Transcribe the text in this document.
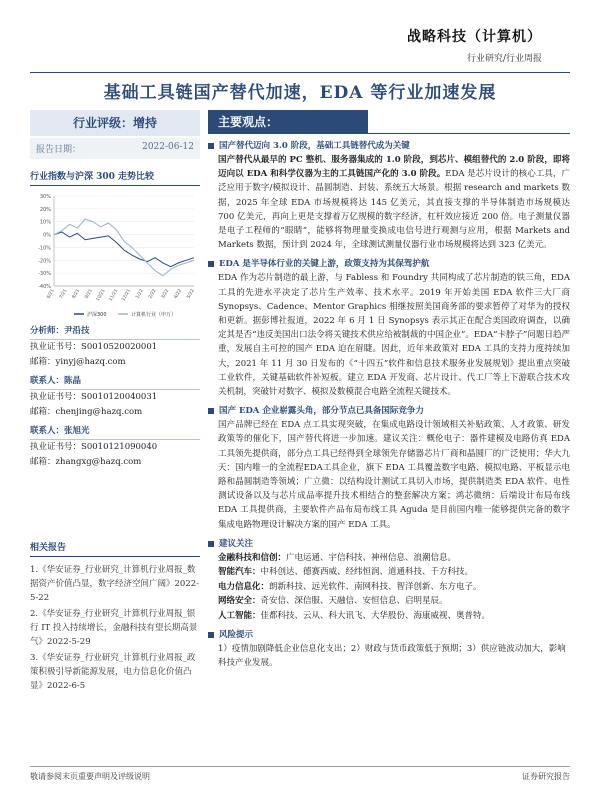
战略科技（计算机）
行业研究/行业周报
基础工具链国产替代加速，EDA 等行业加速发展
行业评级：增持
报告日期：	2022-06-12
行业指数与沪深 300 走势比较
30%
20%
10%
0%
-10%
-20%
-30%
-40%
6/21 7/21 8/21 9/21 10/21 11/21 12/21 1/22 2/22 3/22 4/22 5/22
沪深300	计算机行业（申万）
分析师：尹沿技
执业证书号：S0010520020001
邮箱：yinyj@hazq.com
联系人：陈晶
执业证书号：S0010120040031
邮箱：chenjing@hazq.com
联系人：张旭光
执业证书号：S0010121090040
邮箱：zhangxg@hazq.com
相关报告
1.《华安证券_行业研究_计算机行业周报_数据资产价值凸显，数字经济空间广阔》2022-5-22
2.《华安证券_行业研究_计算机行业周报_银行 IT 投入持续增长，金融科技有望长期高景气》2022-5-29
3.《华安证券_行业研究_计算机行业周报_政策积极引导新能源发展，电力信息化价值凸显》2022-6-5
主要观点：
国产替代迈向 3.0 阶段，基础工具链替代成为关键
国产替代从最早的 PC 整机、服务器集成的 1.0 阶段，到芯片、模组替代的 2.0 阶段，即将迈向以 EDA 和科学仪器为主的工具链国产化的 3.0 阶段。EDA 是芯片设计的核心工具，广泛应用于数字/模拟设计、晶圆制造、封装、系统五大场景。根据 research and markets 数据，2025 年全球 EDA 市场规模将达 145 亿美元，其直接支撑的半导体制造市场规模达 700 亿美元，再向上更是支撑着万亿规模的数字经济，杠杆效应接近 200 倍。电子测量仪器是电子工程师的“眼睛”，能够将物理量变换成电信号进行观测与应用，根据 Markets and Markets 数据，预计到 2024 年，全球测试测量仪器行业市场规模将达到 323 亿美元。
EDA 是半导体行业的关键上游，政策支持为其保驾护航
EDA 作为芯片制造的最上游，与 Fabless 和 Foundry 共同构成了芯片制造的铁三角，EDA 工具的先进水平决定了芯片生产效率、技术水平。2019 年开始美国 EDA 软件三大厂商 Synopsys、Cadence、Mentor Graphics 相继按照美国商务部的要求暂停了对华为的授权和更新。据彭博社报道，2022 年 6 月 1 日 Synopsys 表示其正在配合美国政府调查，以确定其是否“违反美国出口法令将关键技术供应给被制裁的中国企业”。EDA“卡脖子”问题日趋严重，发展自主可控的国产 EDA 迫在眉睫。因此，近年来政策对 EDA 工具的支持力度持续加大，2021 年 11 月 30 日发布的《“十四五”软件和信息技术服务业发展规划》提出重点突破工业软件，关键基础软件补短板。建立 EDA 开发商、芯片设计、代工厂等上下游联合技术攻关机制，突破针对数字、模拟及数模混合电路全流程关键技术。
国产 EDA 企业崭露头角，部分节点已具备国际竞争力
国产品牌已经在 EDA 点工具实现突破，在集成电路设计领域相关补贴政策、人才政策、研发政策等的催化下，国产替代将进一步加速。建议关注：概伦电子：器件建模及电路仿真 EDA 工具领先提供商，部分点工具已经得到全球领先存储器芯片厂商和晶圆厂的广泛使用；华大九天：国内唯一的全流程EDA工具企业，旗下 EDA 工具覆盖数字电路、模拟电路、平板显示电路和晶圆制造等领域；广立微：以结构设计测试工具切入市场，提供制造类 EDA 软件、电性测试设备以及与芯片成品率提升技术相结合的整套解决方案；鸿芯微纳：后端设计布局布线 EDA 工具提供商，主要软件产品布局布线工具 Aguda 是目前国内唯一能够提供完备的数字集成电路物理设计解决方案的国产 EDA 工具。
建议关注
金融科技和信创：广电运通、宇信科技、神州信息、浪潮信息。
智能汽车：中科创达、德赛西威、经纬恒润、道通科技、千方科技。
电力信息化：朗新科技、远光软件、南网科技、智洋创新、东方电子。
网络安全：奇安信、深信服、天融信、安恒信息、启明星辰。
人工智能：佳都科技、云从、科大讯飞、大华股份、海康威视、奥普特。
风险提示
1）疫情加剧降低企业信息化支出；2）财政与货币政策低于预期；3）供应链波动加大，影响科技产业发展。
敬请参阅末页重要声明及评级说明	证券研究报告
